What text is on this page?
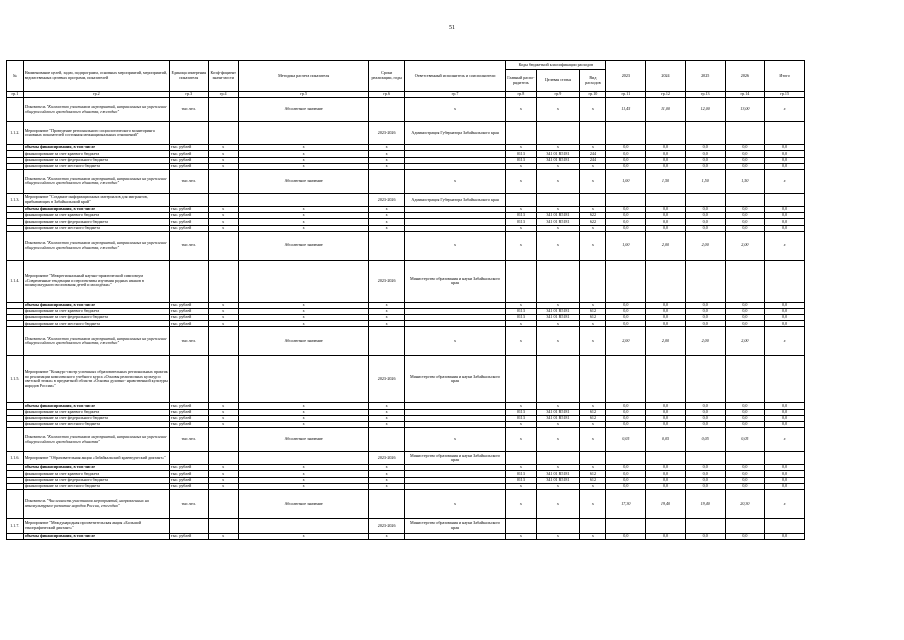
51
№	Наименование целей, задач, подпрограмм, основных мероприятий, мероприятий, ведомственных целевых программ, показателей	Единица измерения показателя	Коэф-фициент значи-мости	Методика расчета показателя	Сроки реализации, годы	Ответственный исполнитель и соисполнители	Коды бюджетной классификации расходов			2023	2024	2025	2026	Итого
							Главный распо-рядитель	Целевая статья	Вид расходов					
гр.1	гр.2	гр.3	гр.4	гр.5	гр.6	гр.7	гр.8	гр.9	гр.10	гр.11	гр.12	гр.13	гр.14	гр.15
	Показатель "Количество участников мероприятий, направленных на укрепление общероссийского гражданского единства, ежегодно"	тыс.чел.		Абсолютное значение		x	x	x	x	11,45	11,00	12,00	13,00	x
1.1.2.	Мероприятие "Проведение регионального социологического мониторинга основных показателей состояния межнациональных отношений"				2023-2026	Администрация Губернатора Забайкальского края								
	объемы финансирования, в том числе	тыс. рублей	x	x	x		x	x	x	0,0	0,0	0,0	0,0	0,0
	финансирование за счет краевого бюджета	тыс. рублей	x	x	x		0113	341 01 R5181	244	0,0	0,0	0,0	0,0	0,0
	финансирование за счет федерального бюджета	тыс. рублей	x	x	x		0113	341 01 R5181	244	0,0	0,0	0,0	0,0	0,0
	финансирование за счет местного бюджета	тыс. рублей	x	x	x		x	x	x	0,0	0,0	0,0	0,0	0,0
	Показатель "Количество участников мероприятий, направленных на укрепление общероссийского гражданского единства, ежегодно"	тыс.чел.		Абсолютное значение		x	x	x	x	1,00	1,50	1,50	1,50	x
1.1.3.	Мероприятие "Создание информационных материалов для мигрантов, прибывающих в Забайкальский край"				2023-2026	Администрация Губернатора Забайкальского края								
	объемы финансирования, в том числе	тыс. рублей	x	x	x		x	x	x	0,0	0,0	0,0	0,0	0,0
	финансирование за счет краевого бюджета	тыс. рублей	x	x	x		0113	341 01 R5181	622	0,0	0,0	0,0	0,0	0,0
	финансирование за счет федерального бюджета	тыс. рублей	x	x	x		0113	341 01 R5181	622	0,0	0,0	0,0	0,0	0,0
	финансирование за счет местного бюджета	тыс. рублей	x	x	x		x	x	x	0,0	0,0	0,0	0,0	0,0
	Показатель "Количество участников мероприятий, направленных на укрепление общероссийского гражданского единства, ежегодно"	тыс.чел.		Абсолютное значение		x	x	x	x	1,00	2,00	2,00	2,00	x
1.1.4.	Мероприятие "Межрегиональный научно-практический симпозиум «Современные тенденции и перспективы изучения родных языков в поликультурного воспитания детей и молодёжи»"				2023-2026	Министерство образования и науки Забайкальского края								
	объемы финансирования, в том числе	тыс. рублей	x	x	x		x	x	x	0,0	0,0	0,0	0,0	0,0
	финансирование за счет краевого бюджета	тыс. рублей	x	x	x		0113	341 01 R5181	612	0,0	0,0	0,0	0,0	0,0
	финансирование за счет федерального бюджета	тыс. рублей	x	x	x		0113	341 01 R5181	612	0,0	0,0	0,0	0,0	0,0
	финансирование за счет местного бюджета	тыс. рублей	x	x	x		x	x	x	0,0	0,0	0,0	0,0	0,0
	Показатель "Количество участников мероприятий, направленных на укрепление общероссийского гражданского единства, ежегодно"	тыс.чел.		Абсолютное значение		x	x	x	x	2,00	2,00	2,00	2,00	x
1.1.5.	Мероприятие "Конкурс-смотр успешных образовательных региональных практик по реализации комплексного учебного курса «Основы религиозных культур и светской этики» в предметной области «Основы духовно- нравственной культуры народов России»"				2023-2026	Министерство образования и науки Забайкальского края								
	объемы финансирования, в том числе	тыс. рублей	x	x	x		x	x	x	0,0	0,0	0,0	0,0	0,0
	финансирование за счет краевого бюджета	тыс. рублей	x	x	x		0113	341 01 R5181	612	0,0	0,0	0,0	0,0	0,0
	финансирование за счет федерального бюджета	тыс. рублей	x	x	x		0113	341 01 R5181	612	0,0	0,0	0,0	0,0	0,0
	финансирование за счет местного бюджета	тыс. рублей	x	x	x		x	x	x	0,0	0,0	0,0	0,0	0,0
	Показатель "Количество участников мероприятий, направленных на укрепление общероссийского гражданского единства"	тыс.чел.		Абсолютное значение		x	x	x	x	0,05	0,05	0,05	0,05	x
1.1.6.	Мероприятие "Образовательная акция «Забайкальский краеведческий диктант»"				2023-2026	Министерство образования и науки Забайкальского края								
	объемы финансирования, в том числе	тыс. рублей	x	x	x		x	x	x	0,0	0,0	0,0	0,0	0,0
	финансирование за счет краевого бюджета	тыс. рублей	x	x	x		0113	341 01 R5181	612	0,0	0,0	0,0	0,0	0,0
	финансирование за счет федерального бюджета	тыс. рублей	x	x	x		0113	341 01 R5181	612	0,0	0,0	0,0	0,0	0,0
	финансирование за счет местного бюджета	тыс. рублей	x	x	x		x	x	x	0,0	0,0	0,0	0,0	0,0
	Показатель "Численность участников мероприятий, направленных на этнокультурное развитие народов России, ежегодно"	тыс.чел.		Абсолютное значение		x	x	x	x	17,30	19,40	19,40	20,30	x
1.1.7.	Мероприятие "Международная просветительская акция «Большой этнографический диктант»"				2023-2026	Министерство образования и науки Забайкальского края								
	объемы финансирования, в том числе	тыс. рублей	x	x	x		x	x	x	0,0	0,0	0,0	0,0	0,0
